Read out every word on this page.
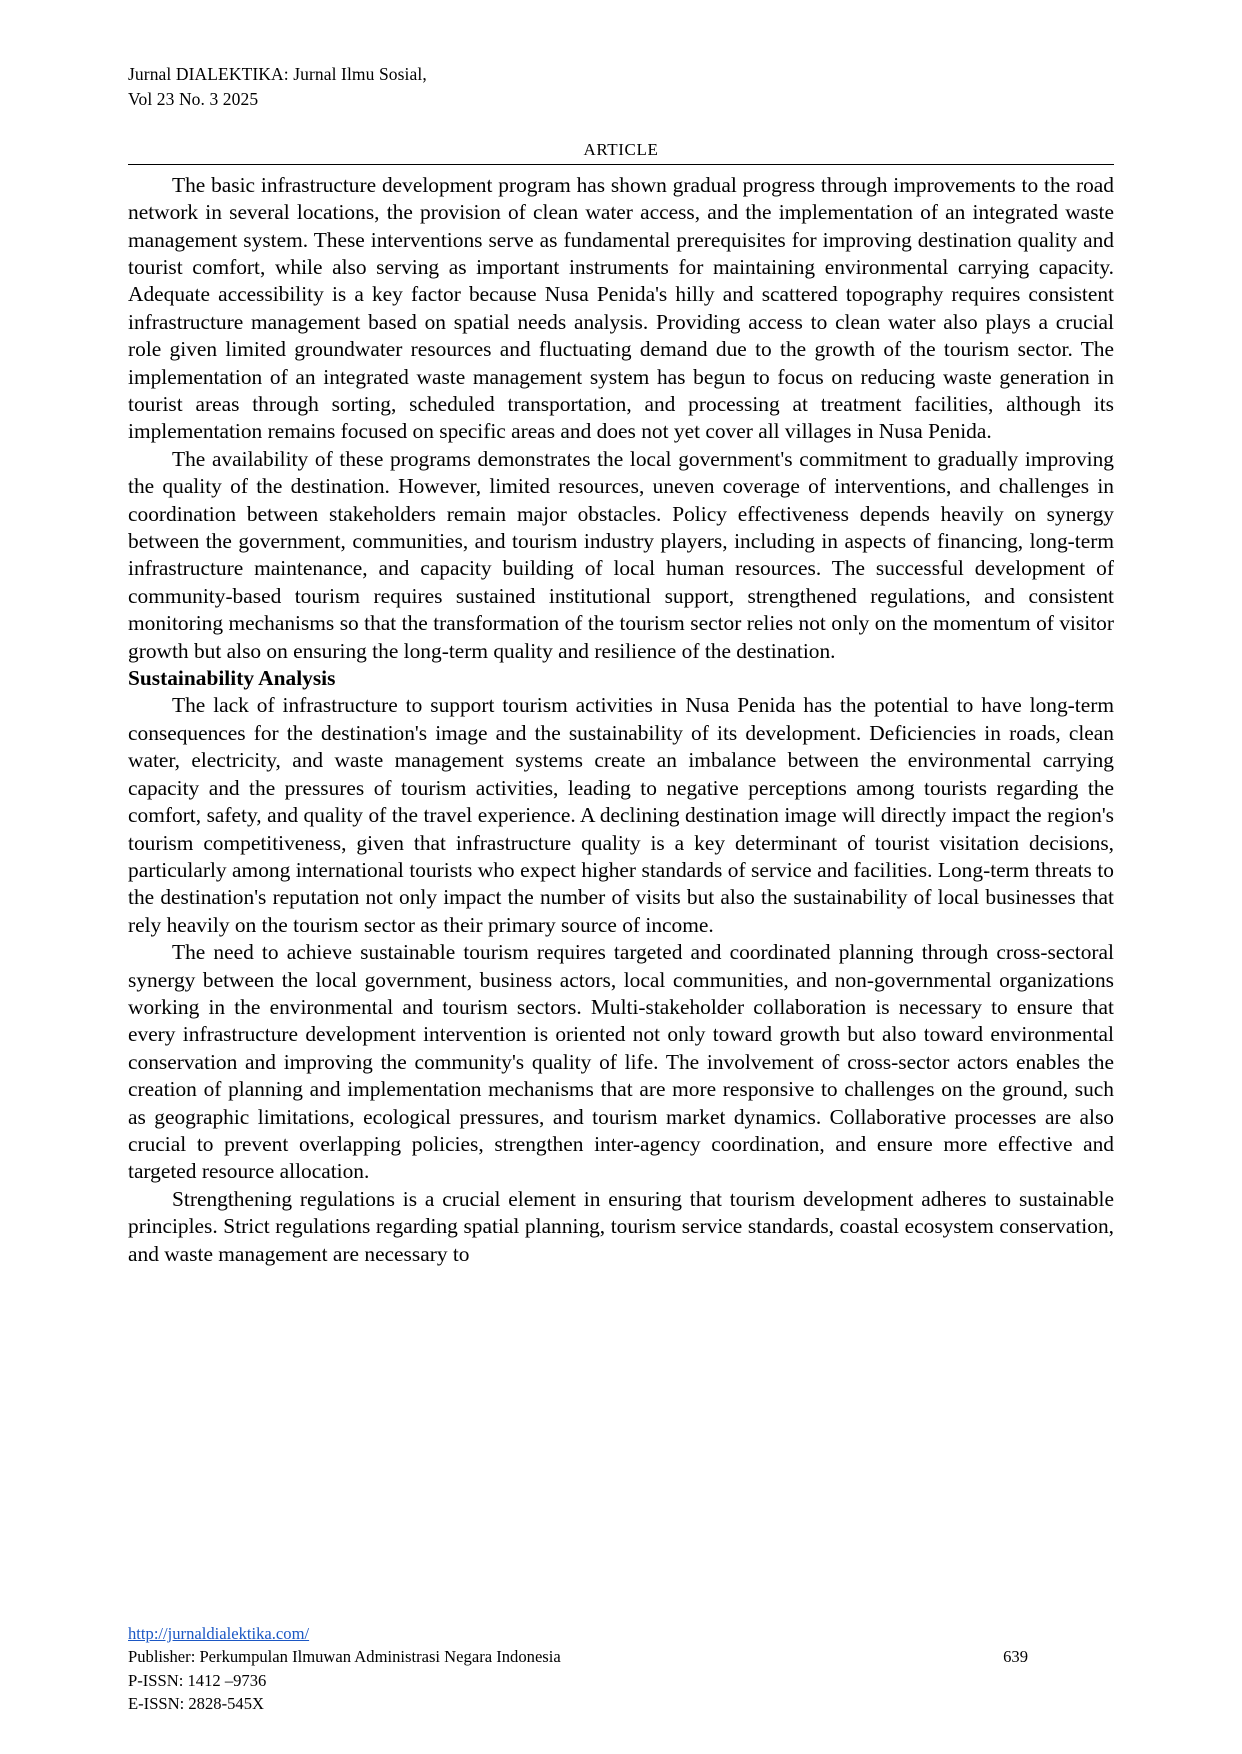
Jurnal DIALEKTIKA: Jurnal Ilmu Sosial,
Vol 23 No. 3 2025
ARTICLE

The basic infrastructure development program has shown gradual progress through improvements to the road network in several locations, the provision of clean water access, and the implementation of an integrated waste management system. These interventions serve as fundamental prerequisites for improving destination quality and tourist comfort, while also serving as important instruments for maintaining environmental carrying capacity. Adequate accessibility is a key factor because Nusa Penida's hilly and scattered topography requires consistent infrastructure management based on spatial needs analysis. Providing access to clean water also plays a crucial role given limited groundwater resources and fluctuating demand due to the growth of the tourism sector. The implementation of an integrated waste management system has begun to focus on reducing waste generation in tourist areas through sorting, scheduled transportation, and processing at treatment facilities, although its implementation remains focused on specific areas and does not yet cover all villages in Nusa Penida.

The availability of these programs demonstrates the local government's commitment to gradually improving the quality of the destination. However, limited resources, uneven coverage of interventions, and challenges in coordination between stakeholders remain major obstacles. Policy effectiveness depends heavily on synergy between the government, communities, and tourism industry players, including in aspects of financing, long-term infrastructure maintenance, and capacity building of local human resources. The successful development of community-based tourism requires sustained institutional support, strengthened regulations, and consistent monitoring mechanisms so that the transformation of the tourism sector relies not only on the momentum of visitor growth but also on ensuring the long-term quality and resilience of the destination.

Sustainability Analysis

The lack of infrastructure to support tourism activities in Nusa Penida has the potential to have long-term consequences for the destination's image and the sustainability of its development. Deficiencies in roads, clean water, electricity, and waste management systems create an imbalance between the environmental carrying capacity and the pressures of tourism activities, leading to negative perceptions among tourists regarding the comfort, safety, and quality of the travel experience. A declining destination image will directly impact the region's tourism competitiveness, given that infrastructure quality is a key determinant of tourist visitation decisions, particularly among international tourists who expect higher standards of service and facilities. Long-term threats to the destination's reputation not only impact the number of visits but also the sustainability of local businesses that rely heavily on the tourism sector as their primary source of income.

The need to achieve sustainable tourism requires targeted and coordinated planning through cross-sectoral synergy between the local government, business actors, local communities, and non-governmental organizations working in the environmental and tourism sectors. Multi-stakeholder collaboration is necessary to ensure that every infrastructure development intervention is oriented not only toward growth but also toward environmental conservation and improving the community's quality of life. The involvement of cross-sector actors enables the creation of planning and implementation mechanisms that are more responsive to challenges on the ground, such as geographic limitations, ecological pressures, and tourism market dynamics. Collaborative processes are also crucial to prevent overlapping policies, strengthen inter-agency coordination, and ensure more effective and targeted resource allocation.

Strengthening regulations is a crucial element in ensuring that tourism development adheres to sustainable principles. Strict regulations regarding spatial planning, tourism service standards, coastal ecosystem conservation, and waste management are necessary to

http://jurnaldialektika.com/
Publisher: Perkumpulan Ilmuwan Administrasi Negara Indonesia	639
P-ISSN: 1412 –9736
E-ISSN: 2828-545X
